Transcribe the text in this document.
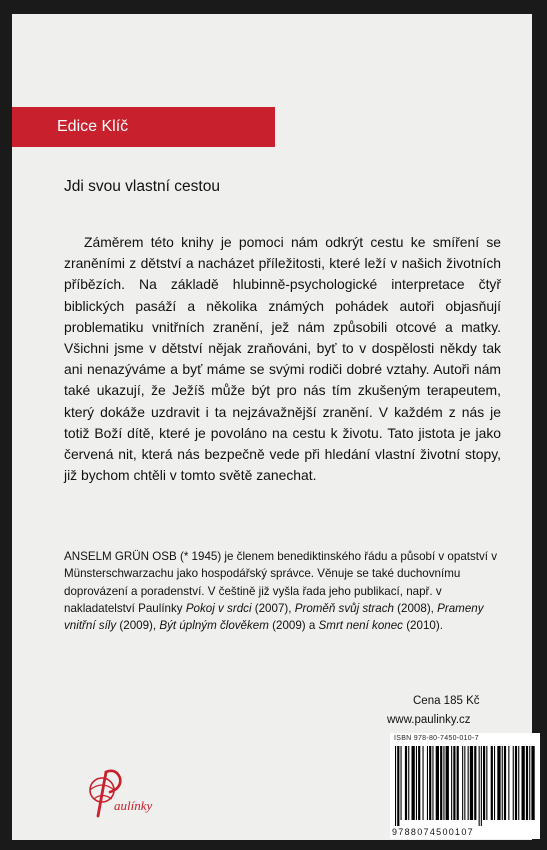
Edice Klíč
Jdi svou vlastní cestou

Záměrem této knihy je pomoci nám odkrýt cestu ke smíření se zraněními z dětství a nacházet příležitosti, které leží v našich životních příbězích. Na základě hlubinně-psychologické interpretace čtyř biblických pasáží a několika známých pohádek autoři objasňují problematiku vnitřních zranění, jež nám způsobili otcové a matky. Všichni jsme v dětství nějak zraňováni, byť to v dospělosti někdy tak ani nenazýváme a byť máme se svými rodiči dobré vztahy. Autoři nám také ukazují, že Ježíš může být pro nás tím zkušeným terapeutem, který dokáže uzdravit i ta nejzávažnější zranění. V každém z nás je totiž Boží dítě, které je povoláno na cestu k životu. Tato jistota je jako červená nit, která nás bezpečně vede při hledání vlastní životní stopy, již bychom chtěli v tomto světě zanechat.

ANSELM GRÜN OSB (* 1945) je členem benediktinského řádu a působí v opatství v Münsterschwarzachu jako hospodářský správce. Věnuje se také duchovnímu doprovázení a poradenství. V češtině již vyšla řada jeho publikací, např. v nakladatelství Paulínky Pokoj v srdci (2007), Proměň svůj strach (2008), Prameny vnitřní síly (2009), Být úplným člověkem (2009) a Smrt není konec (2010).

Cena 185 Kč
www.paulinky.cz
ISBN 978-80-7450-010-7
9788074500107
aulínky
